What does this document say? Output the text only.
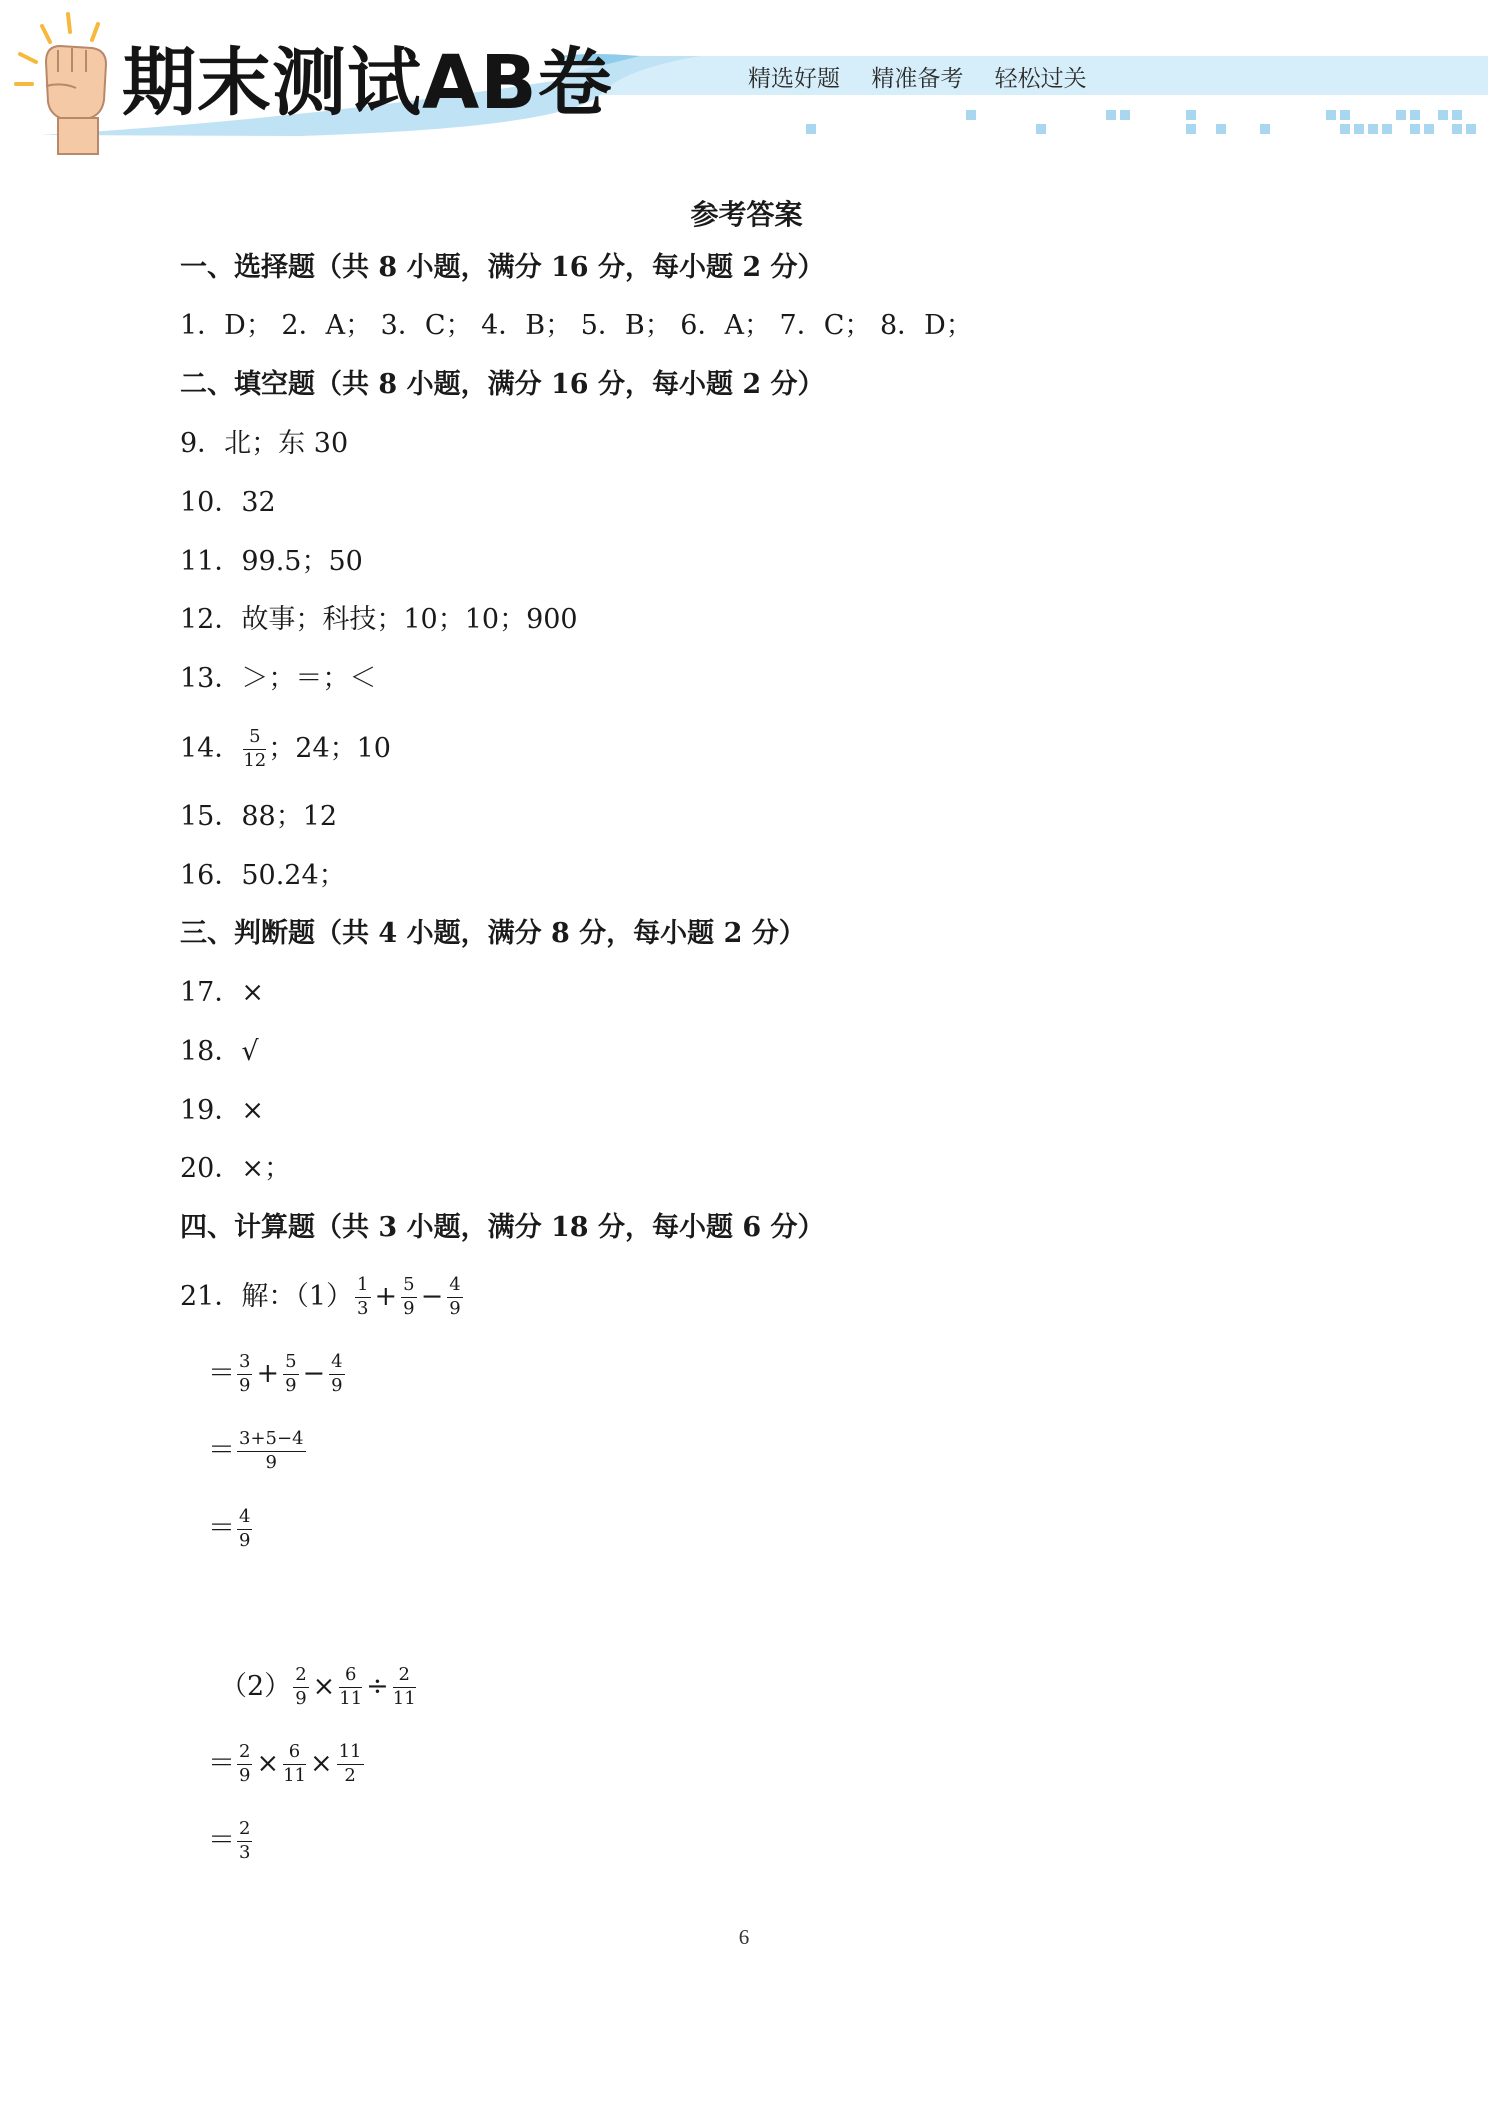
期末测试AB卷	精选好题 精准备考 轻松过关
参考答案
一、选择题（共 8 小题，满分 16 分，每小题 2 分）
1．D； 2．A； 3．C； 4．B； 5．B； 6．A； 7．C； 8．D；
二、填空题（共 8 小题，满分 16 分，每小题 2 分）
9．北；东 30
10．32
11．99.5；50
12．故事；科技；10；10；900
13．＞；＝；＜
14． $\frac{5}{12}$ ；24；10
15．88；12
16．50.24；
三、判断题（共 4 小题，满分 8 分，每小题 2 分）
17．×
18．√
19．×
20．×；
四、计算题（共 3 小题，满分 18 分，每小题 6 分）
21．解：$(1) \frac{1}{3} + \frac{5}{9} - \frac{4}{9}$
＝ $\frac{3}{9} + \frac{5}{9} - \frac{4}{9}$
＝ $\frac{3+5-4}{9}$
＝ $\frac{4}{9}$
$(2) \frac{2}{9} \times \frac{6}{11} \div \frac{2}{11}$
＝ $\frac{2}{9} \times \frac{6}{11} \times \frac{11}{2}$
＝ $\frac{2}{3}$
6
